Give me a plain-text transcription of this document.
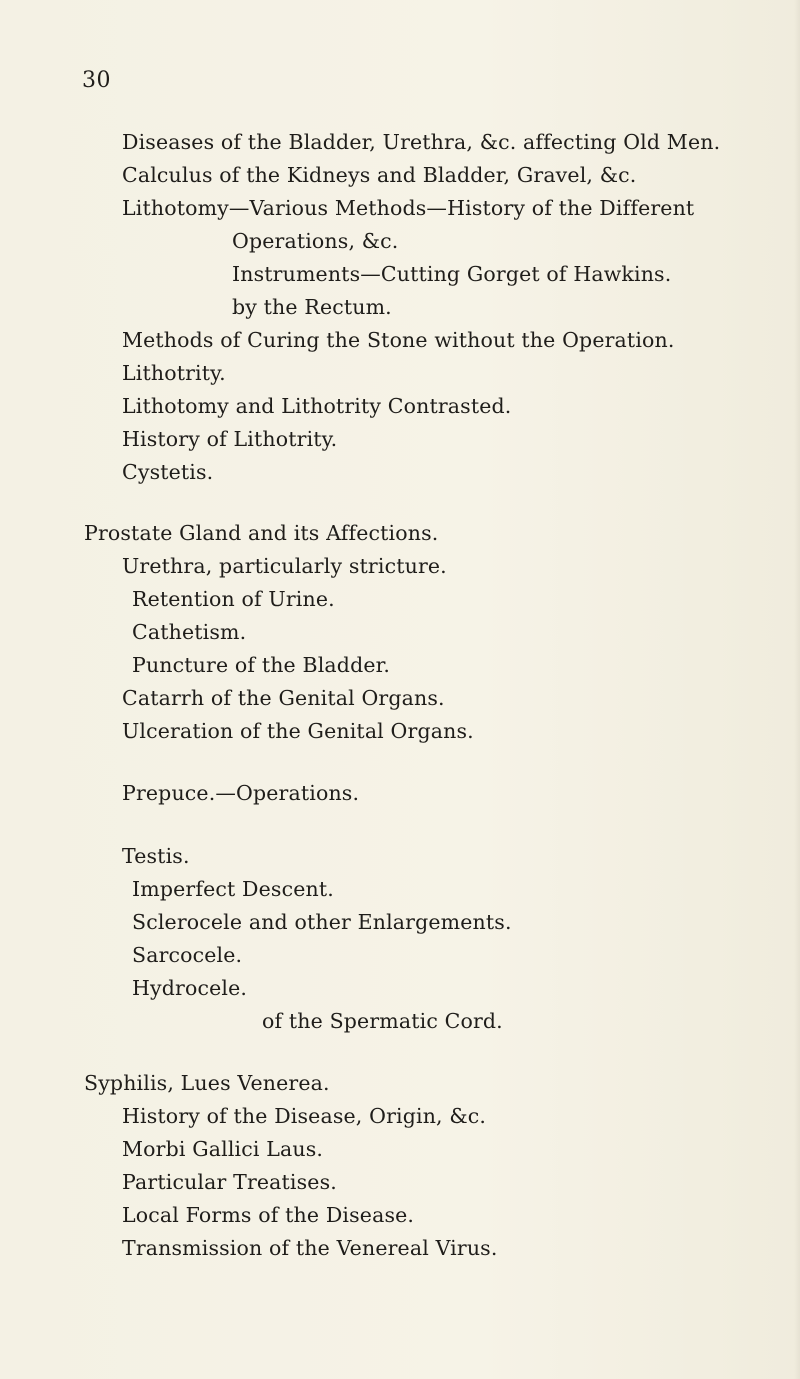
30
Diseases of the Bladder, Urethra, &c. affecting Old Men.
Calculus of the Kidneys and Bladder, Gravel, &c.
Lithotomy—Various Methods—History of the Different
Operations, &c.
Instruments—Cutting Gorget of Hawkins.
by the Rectum.
Methods of Curing the Stone without the Operation.
Lithotrity.
Lithotomy and Lithotrity Contrasted.
History of Lithotrity.
Cystetis.
Prostate Gland and its Affections.
Urethra, particularly stricture.
Retention of Urine.
Cathetism.
Puncture of the Bladder.
Catarrh of the Genital Organs.
Ulceration of the Genital Organs.
Prepuce.—Operations.
Testis.
Imperfect Descent.
Sclerocele and other Enlargements.
Sarcocele.
Hydrocele.
of the Spermatic Cord.
Syphilis, Lues Venerea.
History of the Disease, Origin, &c.
Morbi Gallici Laus.
Particular Treatises.
Local Forms of the Disease.
Transmission of the Venereal Virus.
